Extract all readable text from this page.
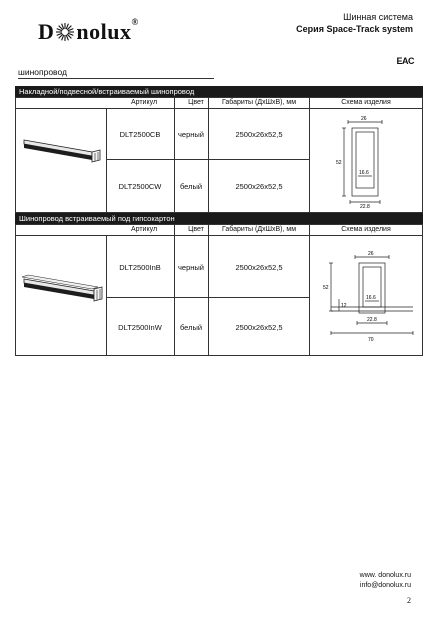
D nolux®	Шинная система
Серия Space-Track system
EAC
шинопровод
Накладной/подвесной/встраиваемый шинопровод
Артикул	Цвет	Габариты (ДхШхВ), мм	Схема изделия
DLT2500CB	черный	2500х26х52,5
DLT2500CW	белый	2500х26х52,5
26
52
16.6
22.8
Шинопровод встраиваемый под гипсокартон
Артикул	Цвет	Габариты (ДхШхВ), мм	Схема изделия
DLT2500InB	черный	2500х26х52,5
DLT2500InW	белый	2500х26х52,5
26
52
12
16.6
22.8
70
www. donolux.ru
info@donolux.ru
2
